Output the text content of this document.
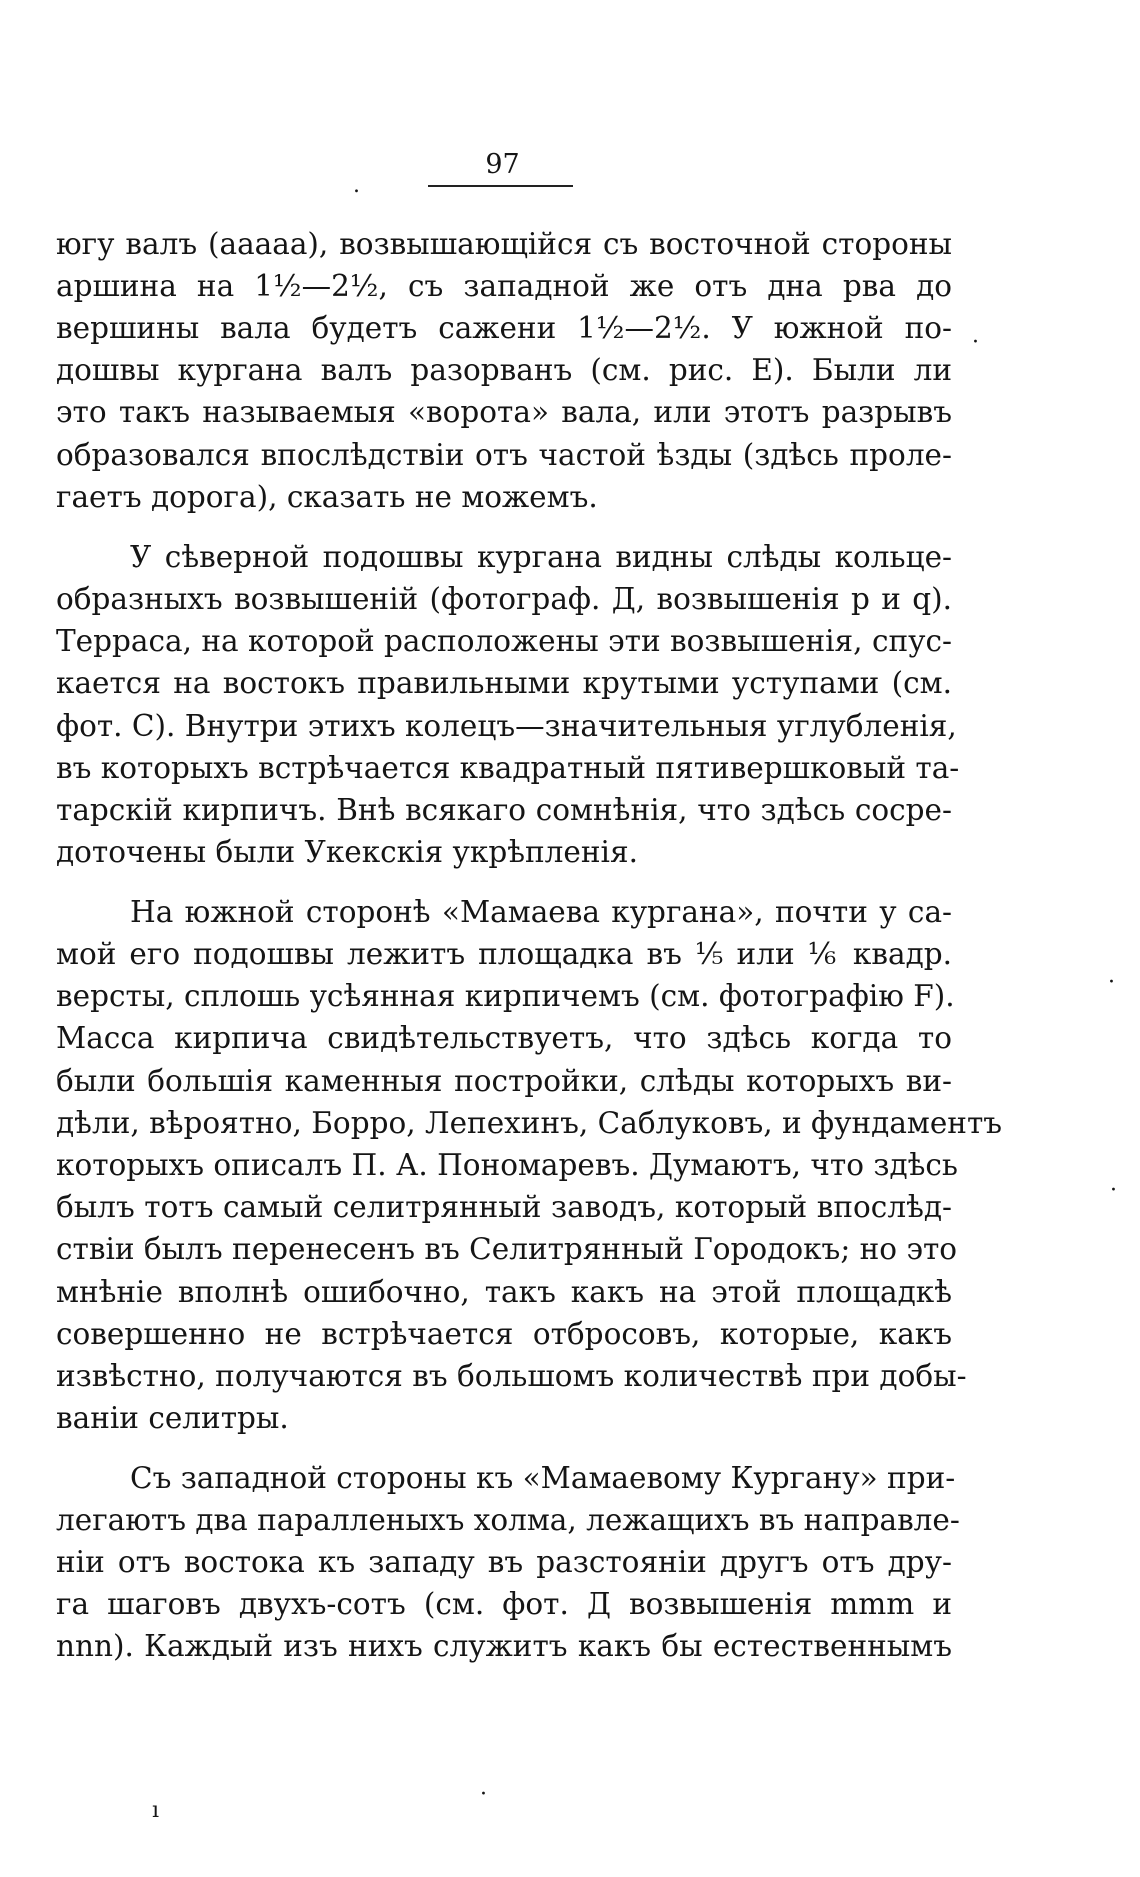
.
97

югу валъ (ааааа), возвышающійся съ восточной стороны

аршина на 1½—2½, съ западной же отъ дна рва до

вершины вала будетъ сажени 1½—2½. У южной по-

дошвы кургана валъ разорванъ (см. рис. E). Были ли

это такъ называемыя «ворота» вала, или этотъ разрывъ

образовался впослѣдствіи отъ частой ѣзды (здѣсь проле-

гаетъ дорога), сказать не можемъ.

У сѣверной подошвы кургана видны слѣды кольце-

образныхъ возвышеній (фотограф. Д, возвышенія p и q).

Терраса, на которой расположены эти возвышенія, спус-

кается на востокъ правильными крутыми уступами (см.

фот. C). Внутри этихъ колецъ—значительныя углубленія,

въ которыхъ встрѣчается квадратный пятивершковый та-

тарскій кирпичъ. Внѣ всякаго сомнѣнія, что здѣсь сосре-

доточены были Укекскія укрѣпленія.

На южной сторонѣ «Мамаева кургана», почти у са-

мой его подошвы лежитъ площадка въ ⅕ или ⅙ квадр.

версты, сплошь усѣянная кирпичемъ (см. фотографію F).

Масса кирпича свидѣтельствуетъ, что здѣсь когда то

были большія каменныя постройки, слѣды которыхъ ви-

дѣли, вѣроятно, Борро, Лепехинъ, Саблуковъ, и фундаментъ

которыхъ описалъ П. А. Пономаревъ. Думаютъ, что здѣсь

былъ тотъ самый селитрянный заводъ, который впослѣд-

ствіи былъ перенесенъ въ Селитрянный Городокъ; но это

мнѣніе вполнѣ ошибочно, такъ какъ на этой площадкѣ

совершенно не встрѣчается отбросовъ, которые, какъ

извѣстно, получаются въ большомъ количествѣ при добы-

ваніи селитры.

Съ западной стороны къ «Мамаевому Кургану» при-

легаютъ два паралленыхъ холма, лежащихъ въ направле-

ніи отъ востока къ западу въ разстояніи другъ отъ дру-

га шаговъ двухъ-сотъ (см. фот. Д возвышенія mmm и

nnn). Каждый изъ нихъ служитъ какъ бы естественнымъ

·
·
·
ı
·
